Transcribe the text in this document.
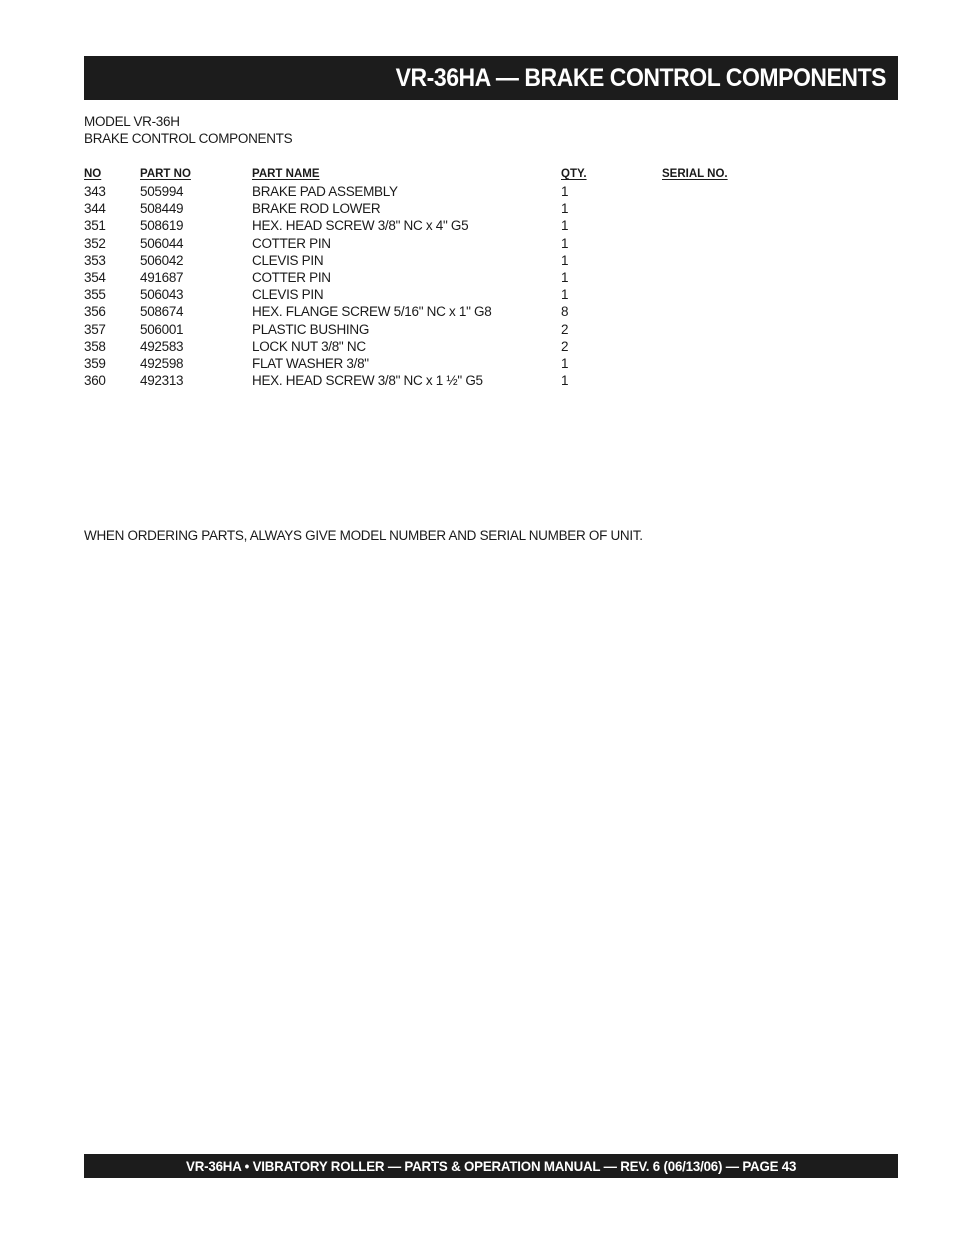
VR-36HA — BRAKE CONTROL COMPONENTS
MODEL VR-36H
BRAKE CONTROL COMPONENTS
NO	PART NO	PART NAME	QTY.	SERIAL NO.
343	505994	BRAKE PAD ASSEMBLY	1
344	508449	BRAKE ROD LOWER	1
351	508619	HEX. HEAD SCREW 3/8" NC x 4" G5	1
352	506044	COTTER PIN	1
353	506042	CLEVIS PIN	1
354	491687	COTTER PIN	1
355	506043	CLEVIS PIN	1
356	508674	HEX. FLANGE SCREW 5/16" NC x 1" G8	8
357	506001	PLASTIC BUSHING	2
358	492583	LOCK NUT 3/8" NC	2
359	492598	FLAT WASHER 3/8"	1
360	492313	HEX. HEAD SCREW 3/8" NC x 1 ½" G5	1
WHEN ORDERING PARTS, ALWAYS GIVE MODEL NUMBER AND SERIAL NUMBER OF UNIT.
VR-36HA • VIBRATORY ROLLER — PARTS & OPERATION MANUAL — REV. 6 (06/13/06) — PAGE 43
